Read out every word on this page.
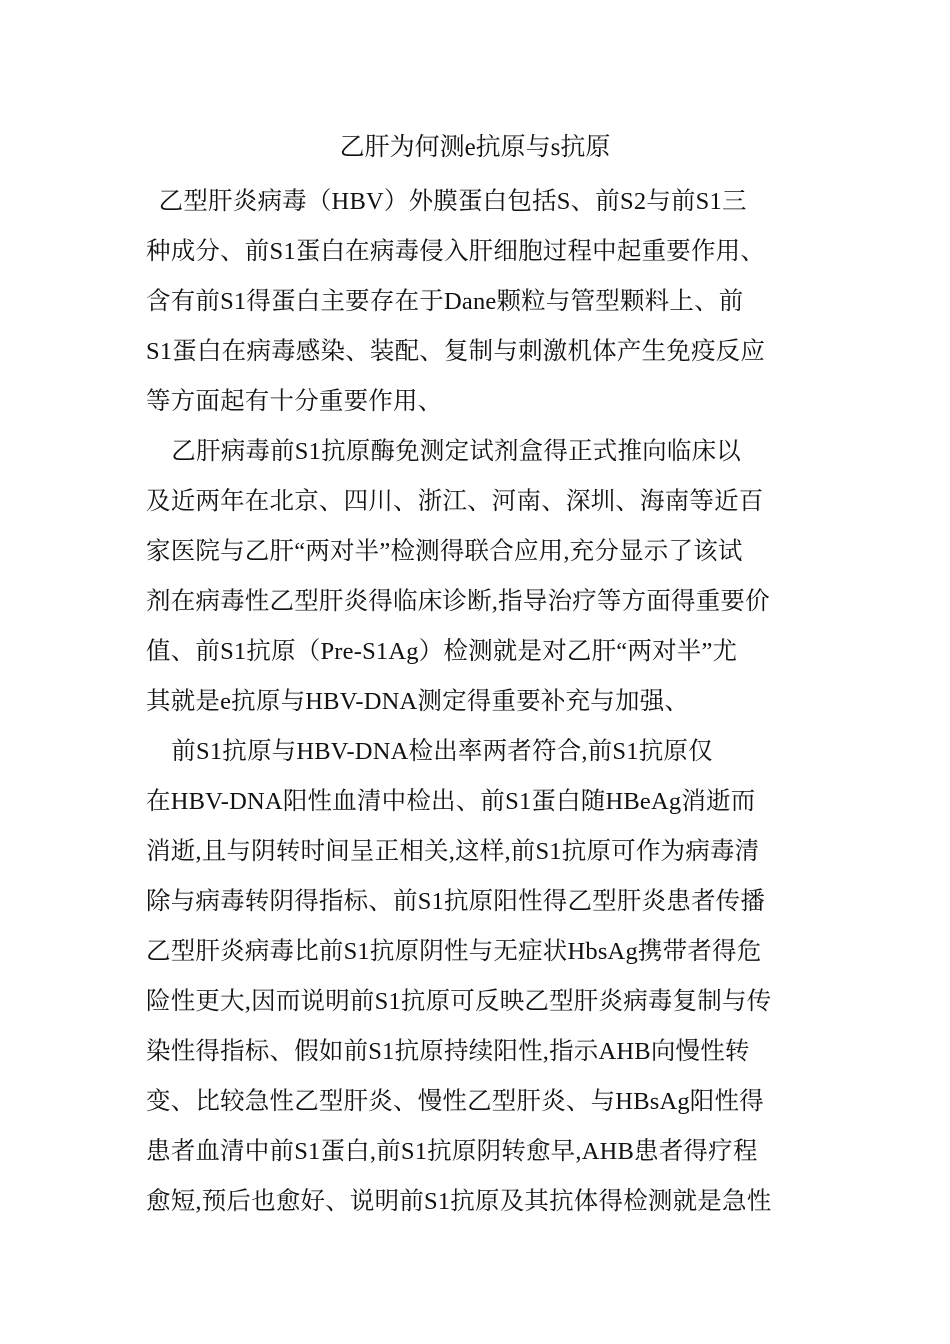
乙肝为何测e抗原与s抗原
乙型肝炎病毒（HBV）外膜蛋白包括S、前S2与前S1三
种成分、前S1蛋白在病毒侵入肝细胞过程中起重要作用、
含有前S1得蛋白主要存在于Dane颗粒与管型颗料上、前
S1蛋白在病毒感染、装配、复制与刺激机体产生免疫反应
等方面起有十分重要作用、
乙肝病毒前S1抗原酶免测定试剂盒得正式推向临床以
及近两年在北京、四川、浙江、河南、深圳、海南等近百
家医院与乙肝“两对半”检测得联合应用,充分显示了该试
剂在病毒性乙型肝炎得临床诊断,指导治疗等方面得重要价
值、前S1抗原（Pre-S1Ag）检测就是对乙肝“两对半”尤
其就是e抗原与HBV-DNA测定得重要补充与加强、
前S1抗原与HBV-DNA检出率两者符合,前S1抗原仅
在HBV-DNA阳性血清中检出、前S1蛋白随HBeAg消逝而
消逝,且与阴转时间呈正相关,这样,前S1抗原可作为病毒清
除与病毒转阴得指标、前S1抗原阳性得乙型肝炎患者传播
乙型肝炎病毒比前S1抗原阴性与无症状HbsAg携带者得危
险性更大,因而说明前S1抗原可反映乙型肝炎病毒复制与传
染性得指标、假如前S1抗原持续阳性,指示AHB向慢性转
变、比较急性乙型肝炎、慢性乙型肝炎、与HBsAg阳性得
患者血清中前S1蛋白,前S1抗原阴转愈早,AHB患者得疗程
愈短,预后也愈好、说明前S1抗原及其抗体得检测就是急性
